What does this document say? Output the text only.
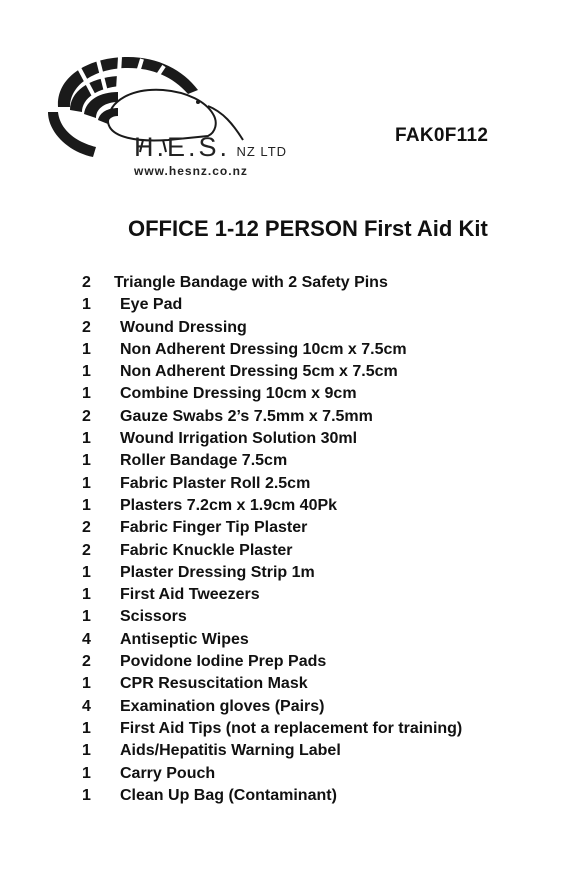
H.E.S. NZ LTD
www.hesnz.co.nz
FAK0F112
OFFICE 1-12 PERSON First Aid Kit
2 Triangle Bandage with 2 Safety Pins
1 Eye Pad
2 Wound Dressing
1 Non Adherent Dressing 10cm x 7.5cm
1 Non Adherent Dressing 5cm x 7.5cm
1 Combine Dressing 10cm x 9cm
2 Gauze Swabs 2’s 7.5mm x 7.5mm
1 Wound Irrigation Solution 30ml
1 Roller Bandage 7.5cm
1 Fabric Plaster Roll 2.5cm
1 Plasters 7.2cm x 1.9cm 40Pk
2 Fabric Finger Tip Plaster
2 Fabric Knuckle Plaster
1 Plaster Dressing Strip 1m
1 First Aid Tweezers
1 Scissors
4 Antiseptic Wipes
2 Povidone Iodine Prep Pads
1 CPR Resuscitation Mask
4 Examination gloves (Pairs)
1 First Aid Tips (not a replacement for training)
1 Aids/Hepatitis Warning Label
1 Carry Pouch
1 Clean Up Bag (Contaminant)
